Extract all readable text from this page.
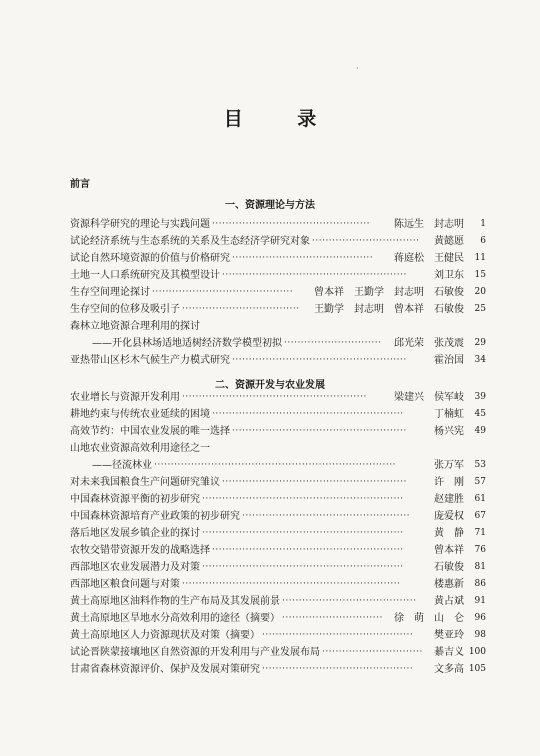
·
目 录
前言
一、资源理论与方法
资源科学研究的理论与实践问题 ···············································	陈远生　封志明	1
试论经济系统与生态系统的关系及生态经济学研究对象 ································	黄懿愿	6
试论自然环境资源的价值与价格研究 ··········································	蒋庭松　王健民	11
土地一人口系统研究及其模型设计 ·······················································	刘卫东	15
生存空间理论探讨 ··········································	曾本祥　王勤学　封志明　石敏俊	20
生存空间的位移及吸引子 ···································	王勤学　封志明　曾本祥　石敏俊	25
森林立地资源合理利用的探讨
——开化县林场适地适树经济数学模型初拟 ·····························	邱光荣　张茂震	29
亚热带山区杉木气候生产力模式研究 ····················································	霍治国	34
二、资源开发与农业发展
农业增长与资源开发利用 ·······················································	梁建兴　侯军岐	39
耕地约束与传统农业延续的困境 ·························································	丁楠虹	45
高效节约：中国农业发展的唯一选择 ····················································	杨兴宪	49
山地农业资源高效利用途径之一
——径流林业 ········································································	张万军	53
对未来我国粮食生产问题研究雏议 ·······················································	许　刚	57
中国森林资源平衡的初步研究 ····························································	赵建胜	61
中国森林资源培育产业政策的初步研究 ··················································	庞爱权	67
落后地区发展乡镇企业的探讨 ····························································	黄　静	71
农牧交错带资源开发的战略选择 ·························································	曾本祥	76
西部地区农业发展潜力及对策 ····························································	石敏俊	81
西部地区粮食问题与对策 ·································································	楼惠新	86
黄土高原地区油料作物的生产布局及其发展前景 ········································	黄占斌	91
黄土高原地区旱地水分高效利用的途径（摘要） ······························	徐　萌　山　仑	96
黄土高原地区人力资源现状及对策（摘要） ·············································	樊亚玲	98
试论晋陕蒙接壤地区自然资源的开发利用与产业发展布局 ······························	綦吉义 100
甘肃省森林资源评价、保护及发展对策研究 ·············································	文多高 105
